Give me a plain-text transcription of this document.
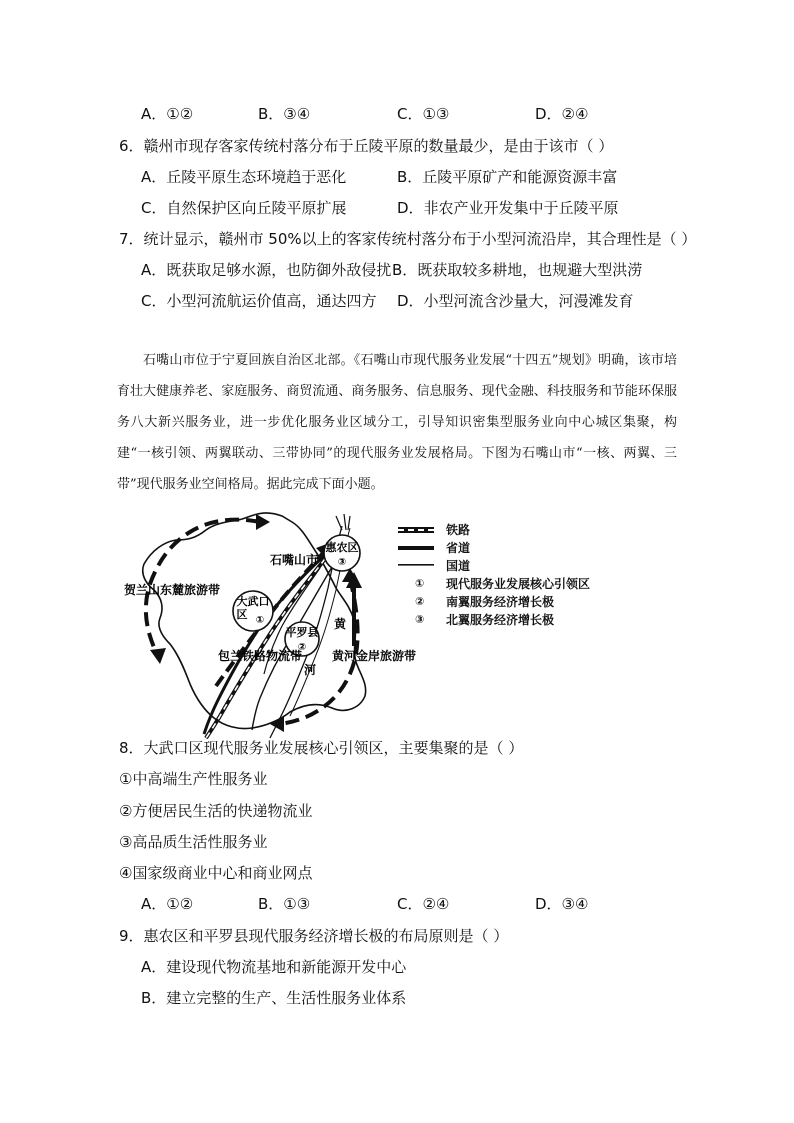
A．①②	B．③④	C．①③	D．②④
6．赣州市现存客家传统村落分布于丘陵平原的数量最少，是由于该市（ ）
A．丘陵平原生态环境趋于恶化	B．丘陵平原矿产和能源资源丰富
C．自然保护区向丘陵平原扩展	D．非农产业开发集中于丘陵平原
7．统计显示，赣州市 50%以上的客家传统村落分布于小型河流沿岸，其合理性是（ ）
A．既获取足够水源，也防御外敌侵扰 B．既获取较多耕地，也规避大型洪涝
C．小型河流航运价值高，通达四方 D．小型河流含沙量大，河漫滩发育

石嘴山市位于宁夏回族自治区北部。《石嘴山市现代服务业发展“十四五”规划》明确，该市培育壮大健康养老、家庭服务、商贸流通、商务服务、信息服务、现代金融、科技服务和节能环保服务八大新兴服务业，进一步优化服务业区域分工，引导知识密集型服务业向中心城区集聚，构建“一核引领、两翼联动、三带协同”的现代服务业发展格局。下图为石嘴山市“一核、两翼、三带”现代服务业空间格局。据此完成下面小题。

石嘴山市
惠农区
③
大武口
区 ①
平罗县
②
贺兰山东麓旅游带
包兰铁路物流带 黄河金岸旅游带
黄
河
铁路
省道
国道
① 现代服务业发展核心引领区
② 南翼服务经济增长极
③ 北翼服务经济增长极
8．大武口区现代服务业发展核心引领区，主要集聚的是（ ）
①中高端生产性服务业
②方便居民生活的快递物流业
③高品质生活性服务业
④国家级商业中心和商业网点
A．①②	B．①③	C．②④	D．③④
9．惠农区和平罗县现代服务经济增长极的布局原则是（ ）
A．建设现代物流基地和新能源开发中心
B．建立完整的生产、生活性服务业体系
